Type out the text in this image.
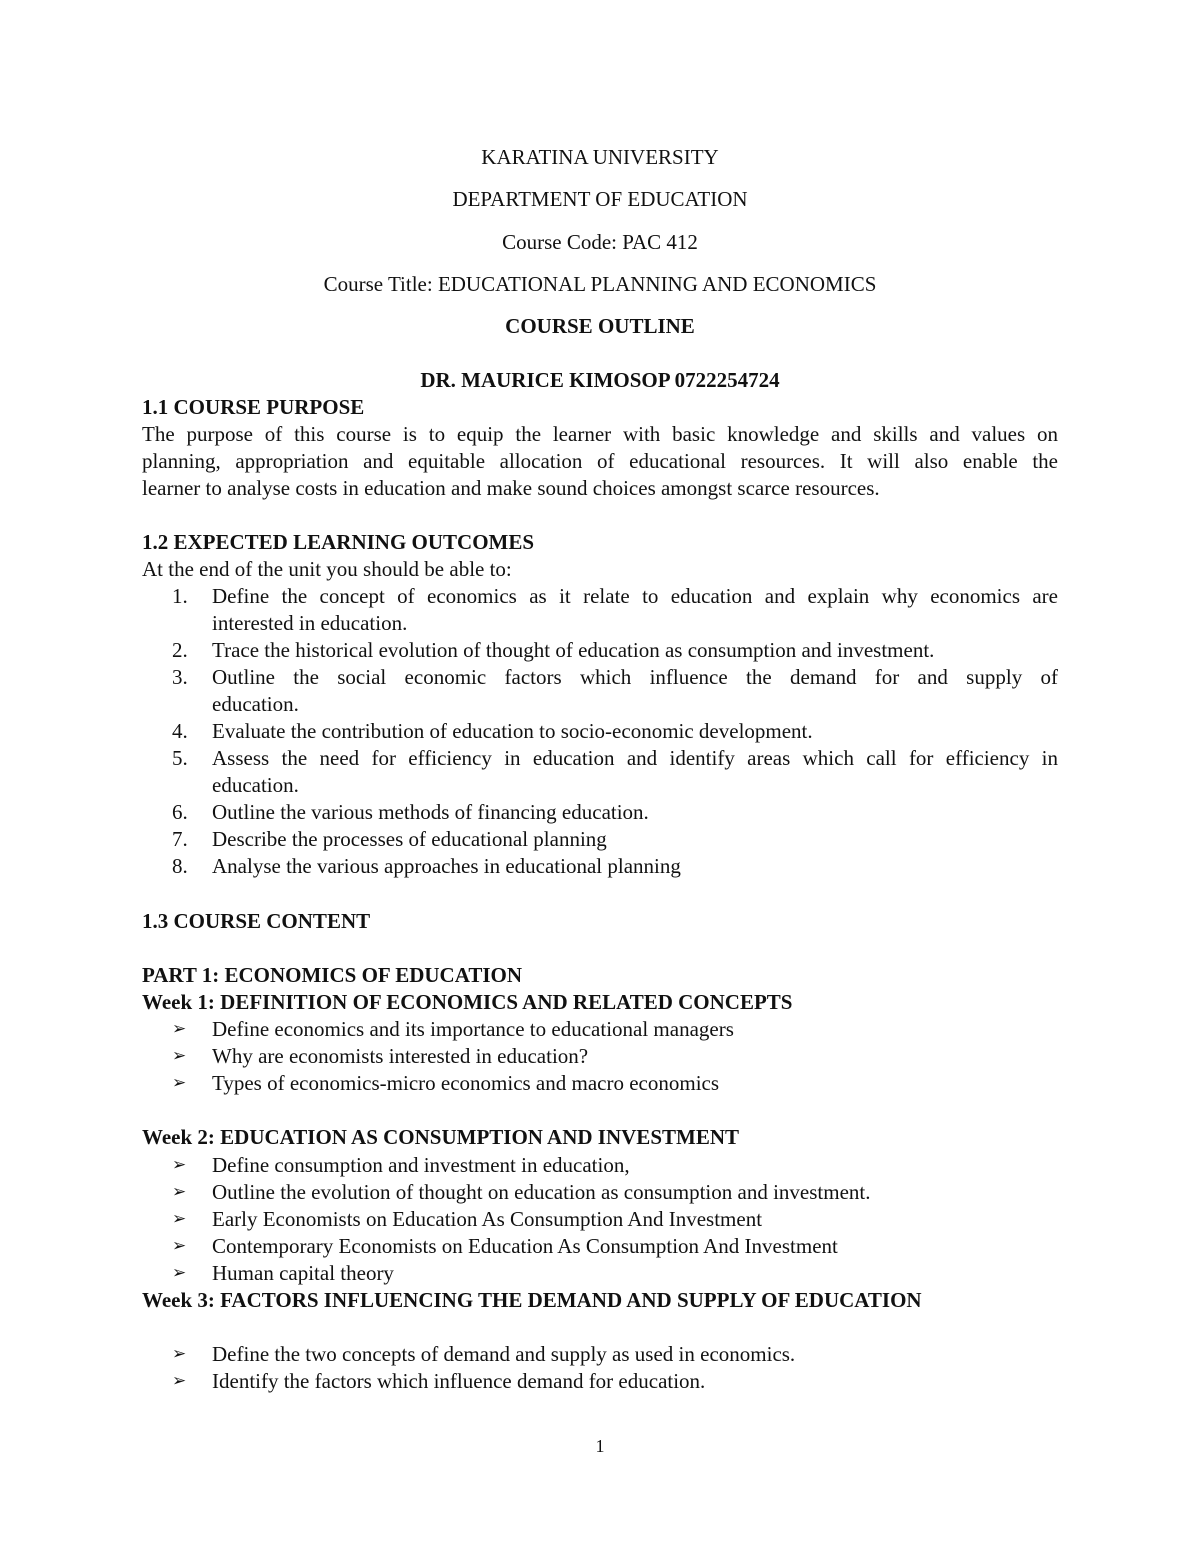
KARATINA UNIVERSITY
DEPARTMENT OF EDUCATION
Course Code: PAC 412
Course Title: EDUCATIONAL PLANNING AND ECONOMICS
COURSE OUTLINE
DR. MAURICE KIMOSOP 0722254724
1.1 COURSE PURPOSE
The purpose of this course is to equip the learner with basic knowledge and skills and values on
planning, appropriation and equitable allocation of educational resources. It will also enable the
learner to analyse costs in education and make sound choices amongst scarce resources.
1.2 EXPECTED LEARNING OUTCOMES
At the end of the unit you should be able to:
1.	Define the concept of economics as it relate to education and explain why economics are
interested in education.
2.	Trace the historical evolution of thought of education as consumption and investment.
3.	Outline the social economic factors which influence the demand for and supply of
education.
4.	Evaluate the contribution of education to socio-economic development.
5.	Assess the need for efficiency in education and identify areas which call for efficiency in
education.
6.	Outline the various methods of financing education.
7.	Describe the processes of educational planning
8.	Analyse the various approaches in educational planning
1.3 COURSE CONTENT
PART 1: ECONOMICS OF EDUCATION
Week 1: DEFINITION OF ECONOMICS AND RELATED CONCEPTS
➢ Define economics and its importance to educational managers
➢ Why are economists interested in education?
➢ Types of economics-micro economics and macro economics
Week 2: EDUCATION AS CONSUMPTION AND INVESTMENT
➢ Define consumption and investment in education,
➢ Outline the evolution of thought on education as consumption and investment.
➢ Early Economists on Education As Consumption And Investment
➢ Contemporary Economists on Education As Consumption And Investment
➢ Human capital theory
Week 3: FACTORS INFLUENCING THE DEMAND AND SUPPLY OF EDUCATION
➢ Define the two concepts of demand and supply as used in economics.
➢ Identify the factors which influence demand for education.
1
